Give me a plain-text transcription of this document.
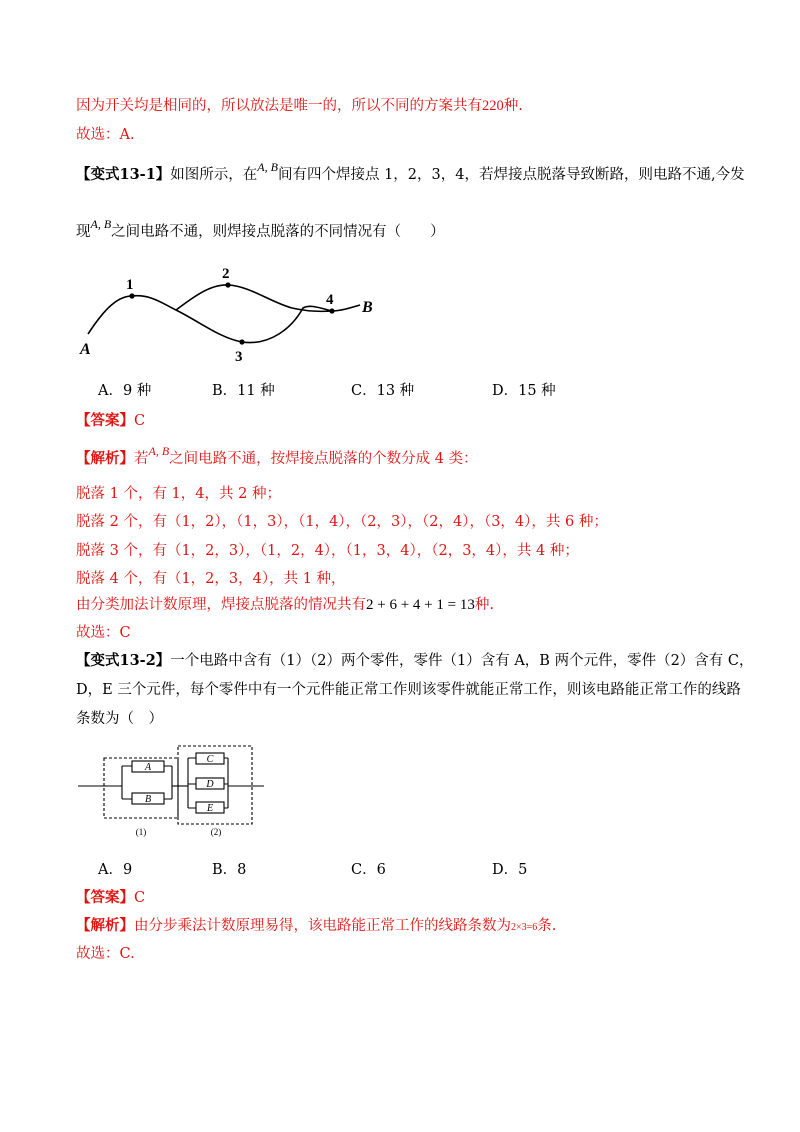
因为开关均是相同的，所以放法是唯一的，所以不同的方案共有220种.
故选：A.
【变式13-1】如图所示，在$^{A, B}$间有四个焊接点 1，2，3，4，若焊接点脱落导致断路，则电路不通,今发
现$^{A, B}$之间电路不通，则焊接点脱落的不同情况有（　　）
A
B
1
2
3
4
A．9 种	B．11 种	C．13 种	D．15 种
【答案】C
【解析】若$^{A, B}$之间电路不通，按焊接点脱落的个数分成 4 类：
脱落 1 个，有 1，4，共 2 种；
脱落 2 个，有（1，2），（1，3），（1，4），（2，3），（2，4），（3，4），共 6 种；
脱落 3 个，有（1，2，3），（1，2，4），（1，3，4），（2，3，4），共 4 种；
脱落 4 个，有（1，2，3，4），共 1 种，
由分类加法计数原理，焊接点脱落的情况共有2 + 6 + 4 + 1 = 13种.
故选：C
【变式13-2】一个电路中含有（1）（2）两个零件，零件（1）含有 A，B 两个元件，零件（2）含有 C，
D，E 三个元件，每个零件中有一个元件能正常工作则该零件就能正常工作，则该电路能正常工作的线路
条数为（　）
A
B
C
D
E
(1)	(2)
A．9	B．8	C．6	D．5
【答案】C
【解析】由分步乘法计数原理易得，该电路能正常工作的线路条数为2×3=6条.
故选：C.
